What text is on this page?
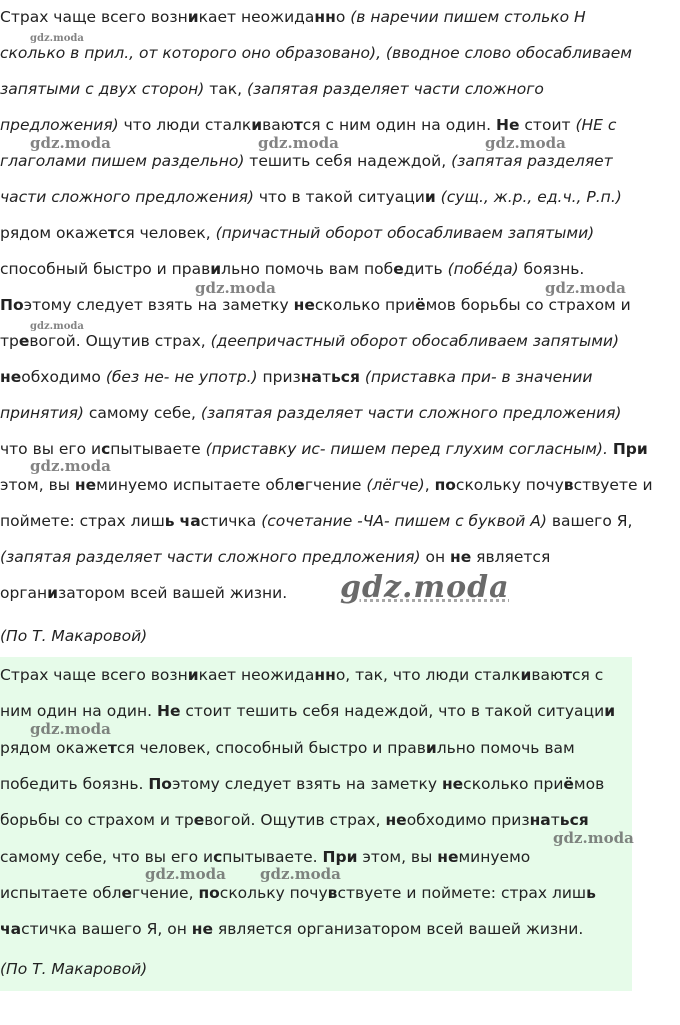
Страх чаще всего возникает неожиданно (в наречии пишем столько Н
сколько в прил., от которого оно образовано), (вводное слово обосабливаем
запятыми с двух сторон) так, (запятая разделяет части сложного
предложения) что люди сталкиваются с ним один на один. Не стоит (НЕ с
глаголами пишем раздельно) тешить себя надеждой, (запятая разделяет
части сложного предложения) что в такой ситуации (сущ., ж.р., ед.ч., Р.п.)
рядом окажется человек, (причастный оборот обосабливаем запятыми)
способный быстро и правильно помочь вам победить (побе́да) боязнь.
Поэтому следует взять на заметку несколько приёмов борьбы со страхом и
тревогой. Ощутив страх, (деепричастный оборот обосабливаем запятыми)
необходимо (без не- не употр.) признаться (приставка при- в значении
принятия) самому себе, (запятая разделяет части сложного предложения)
что вы его испытываете (приставку ис- пишем перед глухим согласным). При
этом, вы неминуемо испытаете облегчение (лёгче), поскольку почувствуете и
поймете: страх лишь частичка (сочетание -ЧА- пишем с буквой А) вашего Я,
(запятая разделяет части сложного предложения) он не является
организатором всей вашей жизни.
(По Т. Макаровой)
Страх чаще всего возникает неожиданно, так, что люди сталкиваются с
ним один на один. Не стоит тешить себя надеждой, что в такой ситуации
рядом окажется человек, способный быстро и правильно помочь вам
победить боязнь. Поэтому следует взять на заметку несколько приёмов
борьбы со страхом и тревогой. Ощутив страх, необходимо признаться
самому себе, что вы его испытываете. При этом, вы неминуемо
испытаете облегчение, поскольку почувствуете и поймете: страх лишь
частичка вашего Я, он не является организатором всей вашей жизни.
(По Т. Макаровой)
gdz.moda
gdz.moda	gdz.moda	gdz.moda
gdz.moda	gdz.moda
gdz.moda
gdz.moda
gdz.moda
gdz.moda
gdz.moda
gdz.moda gdz.moda
